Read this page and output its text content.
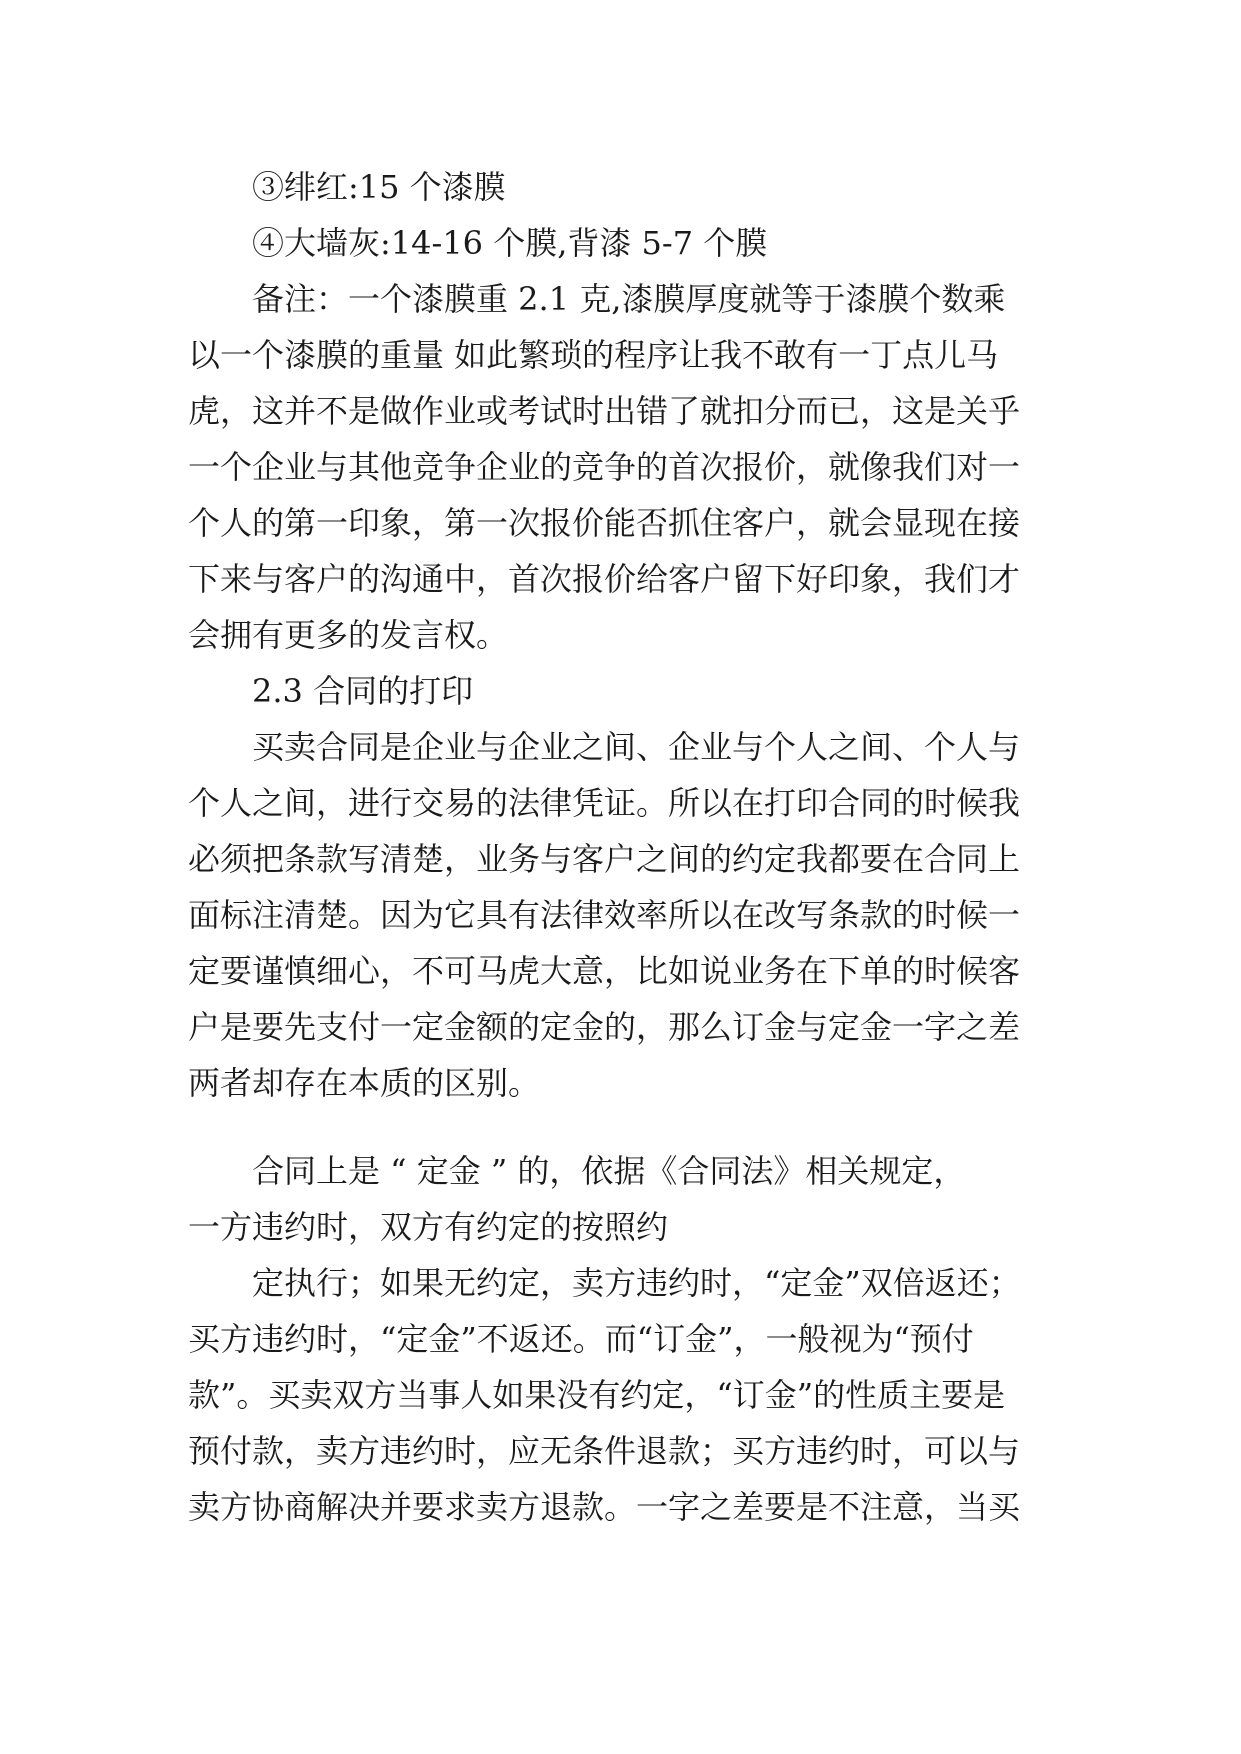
③绯红:15 个漆膜
④大墙灰:14-16 个膜,背漆 5-7 个膜
备注：一个漆膜重 2.1 克,漆膜厚度就等于漆膜个数乘
以一个漆膜的重量 如此繁琐的程序让我不敢有一丁点儿马
虎，这并不是做作业或考试时出错了就扣分而已，这是关乎
一个企业与其他竞争企业的竞争的首次报价，就像我们对一
个人的第一印象，第一次报价能否抓住客户，就会显现在接
下来与客户的沟通中，首次报价给客户留下好印象，我们才
会拥有更多的发言权。
2.3 合同的打印
买卖合同是企业与企业之间、企业与个人之间、个人与
个人之间，进行交易的法律凭证。所以在打印合同的时候我
必须把条款写清楚，业务与客户之间的约定我都要在合同上
面标注清楚。因为它具有法律效率所以在改写条款的时候一
定要谨慎细心，不可马虎大意，比如说业务在下单的时候客
户是要先支付一定金额的定金的，那么订金与定金一字之差
两者却存在本质的区别。
合同上是 “ 定金 ” 的，依据《合同法》相关规定，
一方违约时，双方有约定的按照约
定执行；如果无约定，卖方违约时，“定金”双倍返还；
买方违约时，“定金”不返还。而“订金”，一般视为“预付
款”。买卖双方当事人如果没有约定，“订金”的性质主要是
预付款，卖方违约时，应无条件退款；买方违约时，可以与
卖方协商解决并要求卖方退款。一字之差要是不注意，当买
